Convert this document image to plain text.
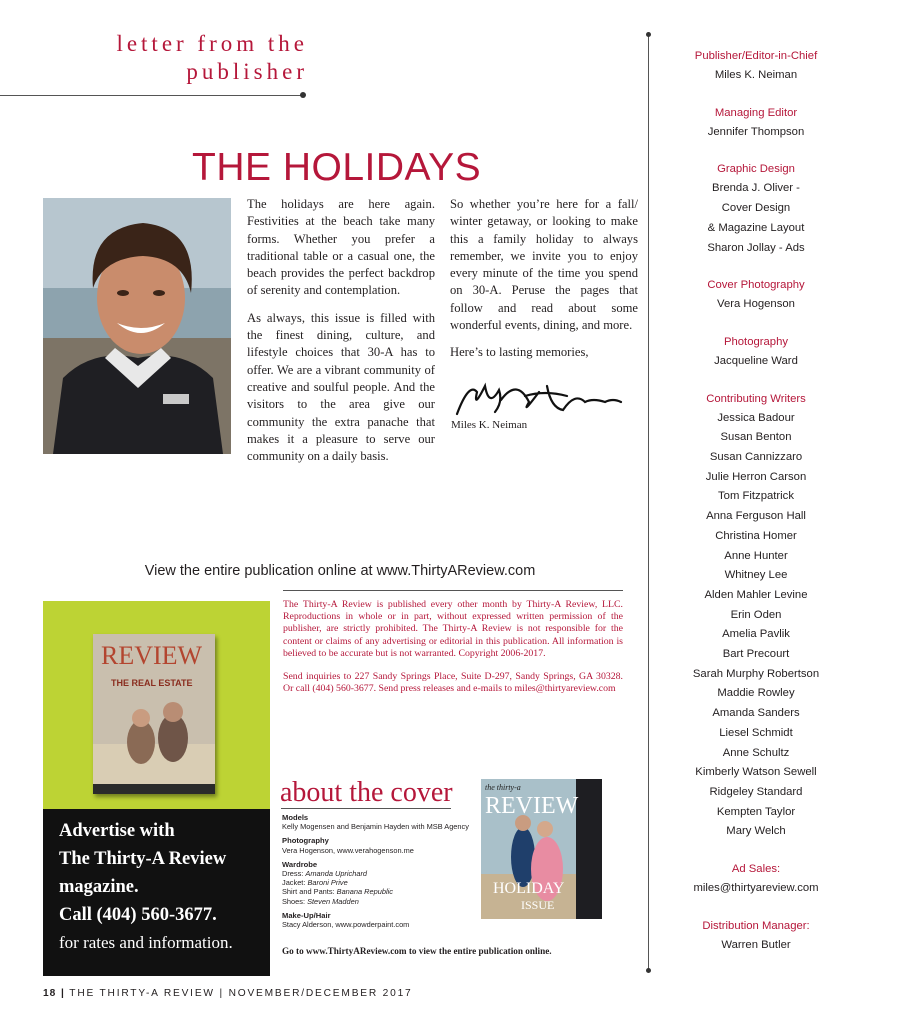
letter from the
publisher
THE HOLIDAYS

The holidays are here again. Festivities at the beach take many forms. Whether you prefer a traditional table or a casual one, the beach provides the perfect backdrop of serenity and contemplation.

As always, this issue is filled with the finest dining, culture, and lifestyle choices that 30-A has to offer. We are a vibrant community of creative and soulful people. And the visitors to the area give our community the extra panache that makes it a pleasure to serve our community on a daily basis.

So whether you’re here for a fall/ winter getaway, or looking to make this a family holiday to always remember, we invite you to enjoy every minute of the time you spend on 30-A. Peruse the pages that follow and read about some wonderful events, dining, and more.

Here’s to lasting memories,

Miles K. Neiman
Publisher/Editor-in-Chief
Miles K. Neiman
Managing Editor
Jennifer Thompson
Graphic Design
Brenda J. Oliver -
Cover Design
& Magazine Layout
Sharon Jollay - Ads
Cover Photography
Vera Hogenson
Photography
Jacqueline Ward
Contributing Writers
Jessica Badour
Susan Benton
Susan Cannizzaro
Julie Herron Carson
Tom Fitzpatrick
Anna Ferguson Hall
Christina Homer
Anne Hunter
Whitney Lee
Alden Mahler Levine
Erin Oden
Amelia Pavlik
Bart Precourt
Sarah Murphy Robertson
Maddie Rowley
Amanda Sanders
Liesel Schmidt
Anne Schultz
Kimberly Watson Sewell
Ridgeley Standard
Kempten Taylor
Mary Welch
Ad Sales:
miles@thirtyareview.com
Distribution Manager:
Warren Butler
View the entire publication online at www.ThirtyAReview.com
REVIEW
THE REAL ESTATE
Advertise with
The Thirty-A Review
magazine.
Call (404) 560-3677.
for rates and information.

The Thirty-A Review is published every other month by Thirty-A Review, LLC. Reproductions in whole or in part, without expressed written permission of the publisher, are strictly prohibited. The Thirty-A Review is not responsible for the content or claims of any advertising or editorial in this publication. All information is believed to be accurate but is not warranted. Copyright 2006-2017.

Send inquiries to 227 Sandy Springs Place, Suite D-297, Sandy Springs, GA 30328. Or call (404) 560-3677. Send press releases and e-mails to miles@thirtyareview.com

about the cover
Models
Kelly Mogensen and Benjamin Hayden with MSB Agency
Photography
Vera Hogenson, www.verahogenson.me
Wardrobe
Dress: Amanda Uprichard
Jacket: Baroni Prive
Shirt and Pants: Banana Republic
Shoes: Steven Madden
Make-Up/Hair
Stacy Alderson, www.powderpaint.com
the thirty-a
REVIEW
HOLIDAY
ISSUE
Go to www.ThirtyAReview.com to view the entire publication online.
18 | THE THIRTY-A REVIEW | NOVEMBER/DECEMBER 2017
